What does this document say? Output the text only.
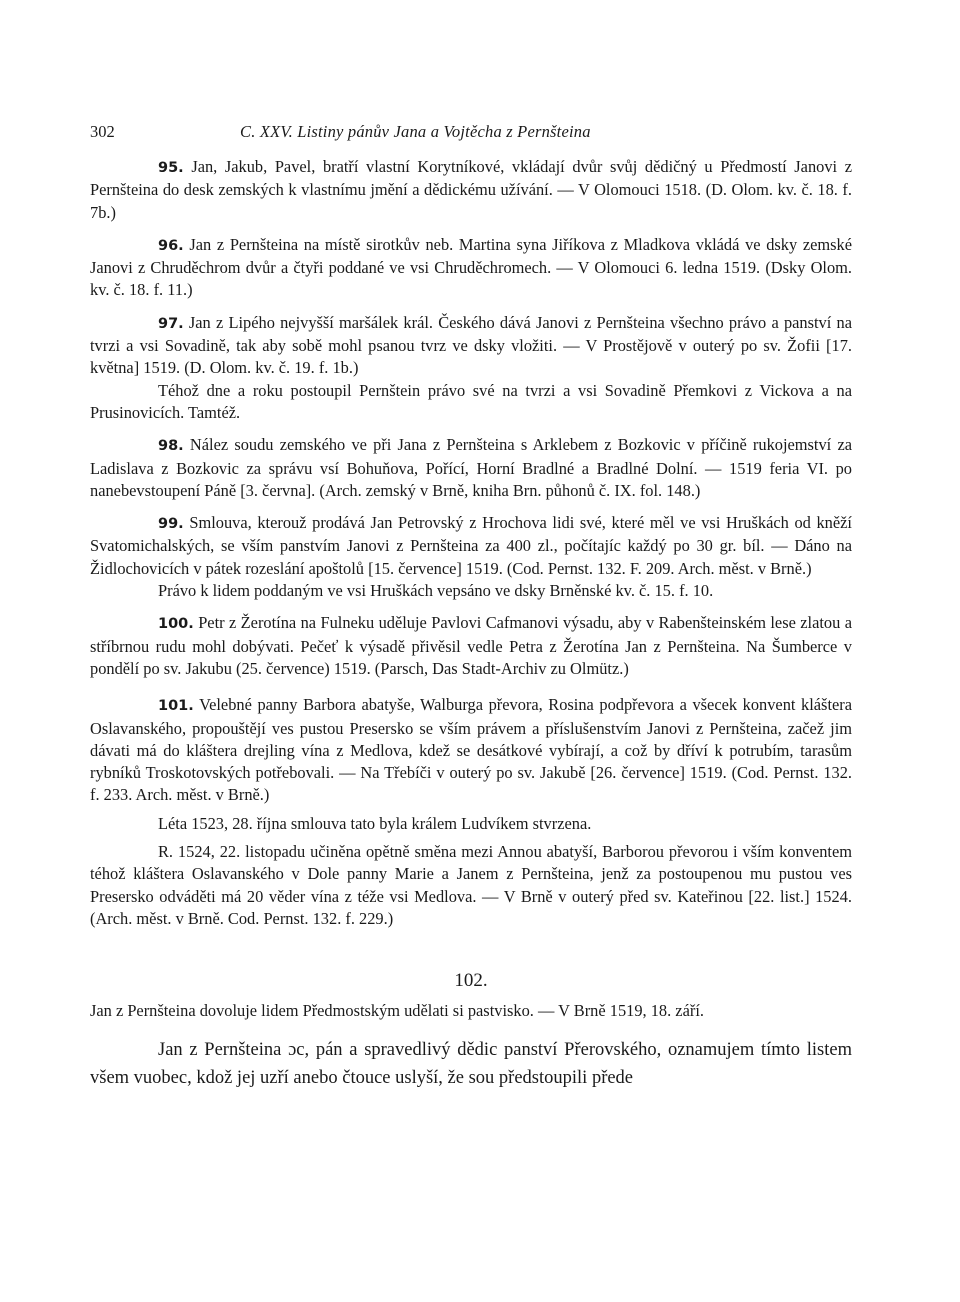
302	C. XXV. Listiny pánův Jana a Vojtěcha z Pernšteina

95. Jan, Jakub, Pavel, bratří vlastní Korytníkové, vkládají dvůr svůj dědičný u Předmostí Janovi z Pernšteina do desk zemských k vlastnímu jmění a dědickému užívání. — V Olomouci 1518. (D. Olom. kv. č. 18. f. 7b.)

96. Jan z Pernšteina na místě sirotkův neb. Martina syna Jiříkova z Mladkova vkládá ve dsky zemské Janovi z Chruděchrom dvůr a čtyři poddané ve vsi Chruděchromech. — V Olomouci 6. ledna 1519. (Dsky Olom. kv. č. 18. f. 11.)

97. Jan z Lipého nejvyšší maršálek král. Českého dává Janovi z Pernšteina všechno právo a panství na tvrzi a vsi Sovadině, tak aby sobě mohl psanou tvrz ve dsky vložiti. — V Prostějově v outerý po sv. Žofii [17. května] 1519. (D. Olom. kv. č. 19. f. 1b.)

Téhož dne a roku postoupil Pernštein právo své na tvrzi a vsi Sovadině Přemkovi z Vickova a na Prusinovicích. Tamtéž.

98. Nález soudu zemského ve při Jana z Pernšteina s Arklebem z Bozkovic v příčině rukojemství za Ladislava z Bozkovic za správu vsí Bohuňova, Pořící, Horní Bradlné a Bradlné Dolní. — 1519 feria VI. po nanebevstoupení Páně [3. června]. (Arch. zemský v Brně, kniha Brn. půhonů č. IX. fol. 148.)

99. Smlouva, kterouž prodává Jan Petrovský z Hrochova lidi své, které měl ve vsi Hruškách od kněží Svatomichalských, se vším panstvím Janovi z Pernšteina za 400 zl., počítajíc každý po 30 gr. bíl. — Dáno na Židlochovicích v pátek rozeslání apoštolů [15. července] 1519. (Cod. Pernst. 132. F. 209. Arch. měst. v Brně.)

Právo k lidem poddaným ve vsi Hruškách vepsáno ve dsky Brněnské kv. č. 15. f. 10.

100. Petr z Žerotína na Fulneku uděluje Pavlovi Cafmanovi výsadu, aby v Rabenšteinském lese zlatou a stříbrnou rudu mohl dobývati. Pečeť k výsadě přivěsil vedle Petra z Žerotína Jan z Pernšteina. Na Šumberce v pondělí po sv. Jakubu (25. července) 1519. (Parsch, Das Stadt-Archiv zu Olmütz.)

101. Velebné panny Barbora abatyše, Walburga převora, Rosina podpřevora a všecek konvent kláštera Oslavanského, propouštějí ves pustou Presersko se vším právem a příslušenstvím Janovi z Pernšteina, začež jim dávati má do kláštera drejling vína z Medlova, kdež se desátkové vybírají, a což by dříví k potrubím, tarasům rybníků Troskotovských potřebovali. — Na Třebíči v outerý po sv. Jakubě [26. července] 1519. (Cod. Pernst. 132. f. 233. Arch. měst. v Brně.)

Léta 1523, 28. října smlouva tato byla králem Ludvíkem stvrzena.

R. 1524, 22. listopadu učiněna opětně směna mezi Annou abatyší, Barborou převorou i vším konventem téhož kláštera Oslavanského v Dole panny Marie a Janem z Pernšteina, jenž za postoupenou mu pustou ves Presersko odváděti má 20 věder vína z téže vsi Medlova. — V Brně v outerý před sv. Kateřinou [22. list.] 1524. (Arch. měst. v Brně. Cod. Pernst. 132. f. 229.)

102.

Jan z Pernšteina dovoluje lidem Předmostským udělati si pastvisko. — V Brně 1519, 18. září.

Jan z Pernšteina ɔc, pán a spravedlivý dědic panství Přerovského, oznamujem tímto listem všem vuobec, kdož jej uzří anebo čtouce uslyší, že sou předstoupili přede
